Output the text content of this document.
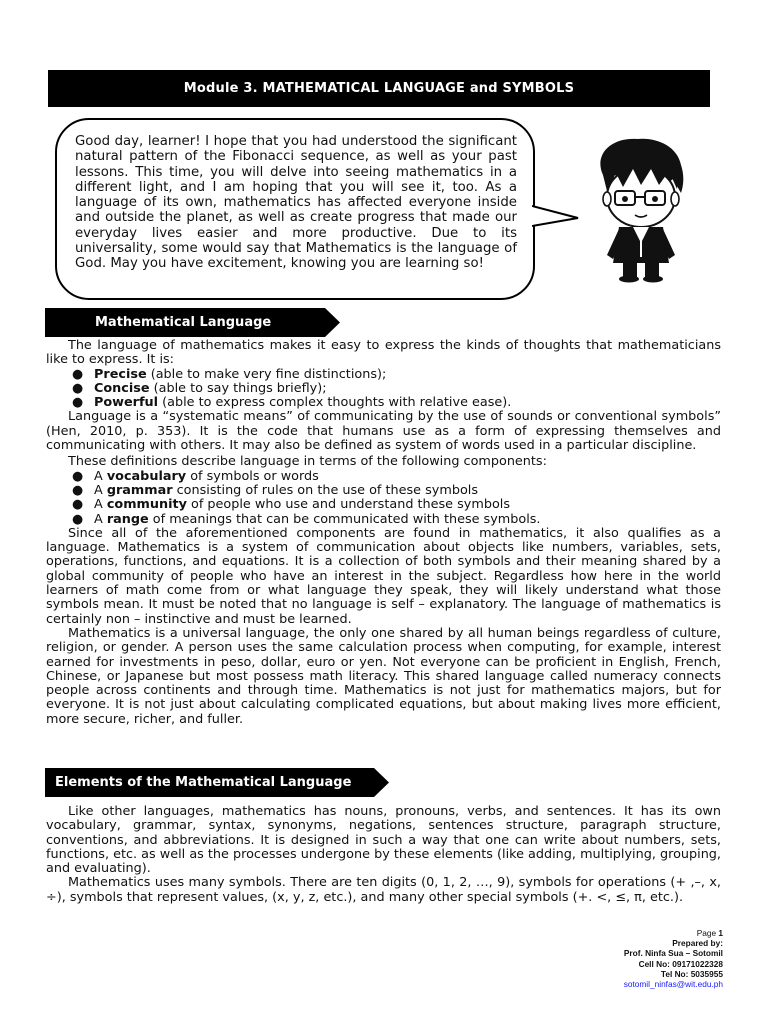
Module 3. MATHEMATICAL LANGUAGE and SYMBOLS

Good day, learner! I hope that you had understood the significant natural pattern of the Fibonacci sequence, as well as your past lessons. This time, you will delve into seeing mathematics in a different light, and I am hoping that you will see it, too. As a language of its own, mathematics has affected everyone inside and outside the planet, as well as create progress that made our everyday lives easier and more productive. Due to its universality, some would say that Mathematics is the language of God. May you have excitement, knowing you are learning so!

Mathematical Language

The language of mathematics makes it easy to express the kinds of thoughts that mathematicians like to express. It is:

● Precise (able to make very fine distinctions);
● Concise (able to say things briefly);
● Powerful (able to express complex thoughts with relative ease).

Language is a “systematic means” of communicating by the use of sounds or conventional symbols” (Hen, 2010, p. 353). It is the code that humans use as a form of expressing themselves and communicating with others. It may also be defined as system of words used in a particular discipline.

These definitions describe language in terms of the following components:

● A vocabulary of symbols or words
● A grammar consisting of rules on the use of these symbols
● A community of people who use and understand these symbols
● A range of meanings that can be communicated with these symbols.

Since all of the aforementioned components are found in mathematics, it also qualifies as a language. Mathematics is a system of communication about objects like numbers, variables, sets, operations, functions, and equations. It is a collection of both symbols and their meaning shared by a global community of people who have an interest in the subject. Regardless how here in the world learners of math come from or what language they speak, they will likely understand what those symbols mean. It must be noted that no language is self – explanatory. The language of mathematics is certainly non – instinctive and must be learned.

Mathematics is a universal language, the only one shared by all human beings regardless of culture, religion, or gender. A person uses the same calculation process when computing, for example, interest earned for investments in peso, dollar, euro or yen. Not everyone can be proficient in English, French, Chinese, or Japanese but most possess math literacy. This shared language called numeracy connects people across continents and through time. Mathematics is not just for mathematics majors, but for everyone. It is not just about calculating complicated equations, but about making lives more efficient, more secure, richer, and fuller.

Elements of the Mathematical Language

Like other languages, mathematics has nouns, pronouns, verbs, and sentences. It has its own vocabulary, grammar, syntax, synonyms, negations, sentences structure, paragraph structure, conventions, and abbreviations. It is designed in such a way that one can write about numbers, sets, functions, etc. as well as the processes undergone by these elements (like adding, multiplying, grouping, and evaluating).

Mathematics uses many symbols. There are ten digits (0, 1, 2, …, 9), symbols for operations (+ ,–, x, ÷), symbols that represent values, (x, y, z, etc.), and many other special symbols (+. <, ≤, π, etc.).

Page 1
Prepared by:
Prof. Ninfa Sua – Sotomil
Cell No: 09171022328
Tel No: 5035955
sotomil_ninfas@wit.edu.ph
